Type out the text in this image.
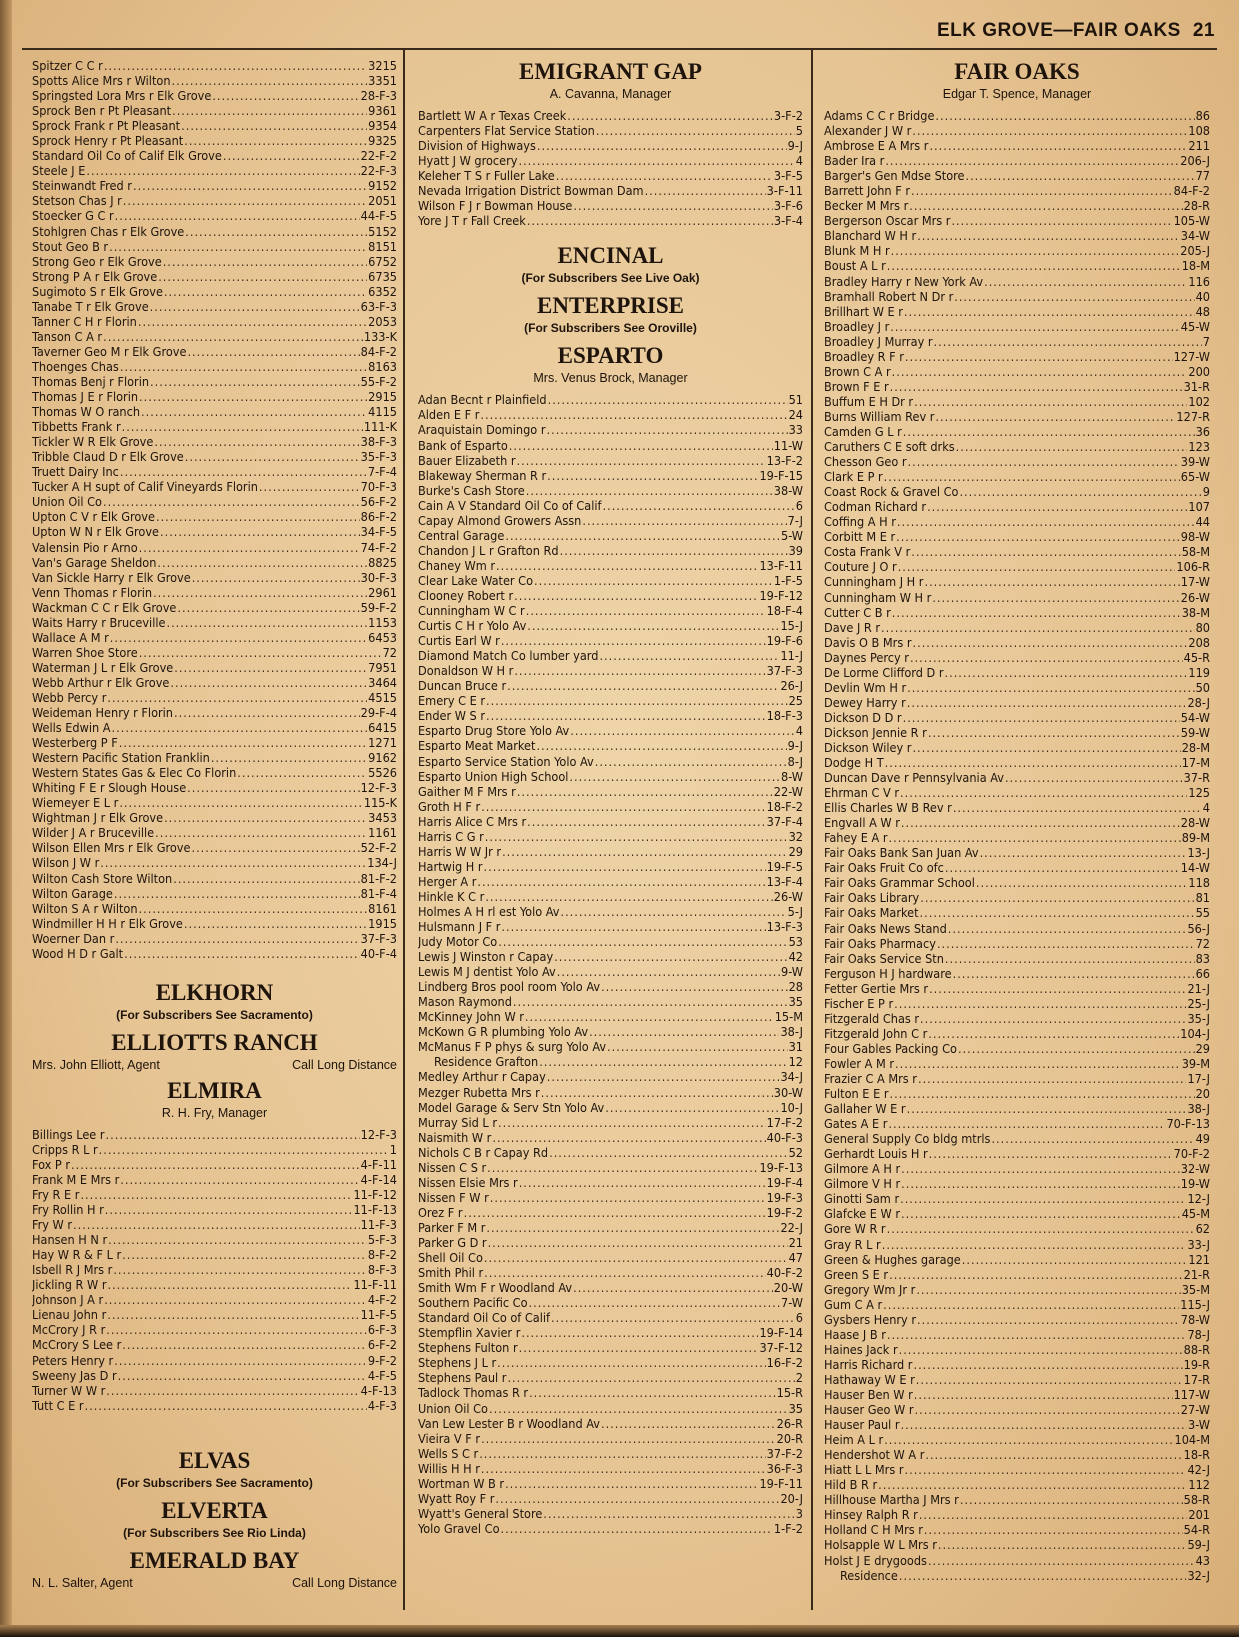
ELK GROVE—FAIR OAKS 21
Spitzer C C r .....	3215
Spotts Alice Mrs r Wilton .....	3351
Springsted Lora Mrs r Elk Grove .....	28-F-3
Sprock Ben r Pt Pleasant .....	9361
Sprock Frank r Pt Pleasant .....	9354
Sprock Henry r Pt Pleasant .....	9325
Standard Oil Co of Calif Elk Grove .....	22-F-2
Steele J E .....	22-F-3
Steinwandt Fred r .....	9152
Stetson Chas J r .....	2051
Stoecker G C r .....	44-F-5
Stohlgren Chas r Elk Grove .....	5152
Stout Geo B r .....	8151
Strong Geo r Elk Grove .....	6752
Strong P A r Elk Grove .....	6735
Sugimoto S r Elk Grove .....	6352
Tanabe T r Elk Grove .....	63-F-3
Tanner C H r Florin .....	2053
Tanson C A r .....	133-K
Taverner Geo M r Elk Grove .....	84-F-2
Thoenges Chas .....	8163
Thomas Benj r Florin .....	55-F-2
Thomas J E r Florin .....	2915
Thomas W O ranch .....	4115
Tibbetts Frank r .....	111-K
Tickler W R Elk Grove .....	38-F-3
Tribble Claud D r Elk Grove .....	35-F-3
Truett Dairy Inc .....	7-F-4
Tucker A H supt of Calif Vineyards Florin .....	70-F-3
Union Oil Co .....	56-F-2
Upton C V r Elk Grove .....	86-F-2
Upton W N r Elk Grove .....	34-F-5
Valensin Pio r Arno .....	74-F-2
Van's Garage Sheldon .....	8825
Van Sickle Harry r Elk Grove .....	30-F-3
Venn Thomas r Florin .....	2961
Wackman C C r Elk Grove .....	59-F-2
Waits Harry r Bruceville .....	1153
Wallace A M r .....	6453
Warren Shoe Store .....	72
Waterman J L r Elk Grove .....	7951
Webb Arthur r Elk Grove .....	3464
Webb Percy r .....	4515
Weideman Henry r Florin .....	29-F-4
Wells Edwin A .....	6415
Westerberg P F .....	1271
Western Pacific Station Franklin .....	9162
Western States Gas & Elec Co Florin .....	5526
Whiting F E r Slough House .....	12-F-3
Wiemeyer E L r .....	115-K
Wightman J r Elk Grove .....	3453
Wilder J A r Bruceville .....	1161
Wilson Ellen Mrs r Elk Grove .....	52-F-2
Wilson J W r .....	134-J
Wilton Cash Store Wilton .....	81-F-2
Wilton Garage .....	81-F-4
Wilton S A r Wilton .....	8161
Windmiller H H r Elk Grove .....	1915
Woerner Dan r .....	37-F-3
Wood H D r Galt .....	40-F-4
ELKHORN
(For Subscribers See Sacramento)
ELLIOTTS RANCH
Mrs. John Elliott, Agent	Call Long Distance
ELMIRA
R. H. Fry, Manager
Billings Lee r .....	12-F-3
Cripps R L r .....	1
Fox P r .....	4-F-11
Frank M E Mrs r .....	4-F-14
Fry R E r .....	11-F-12
Fry Rollin H r .....	11-F-13
Fry W r .....	11-F-3
Hansen H N r .....	5-F-3
Hay W R & F L r .....	8-F-2
Isbell R J Mrs r .....	8-F-3
Jickling R W r .....	11-F-11
Johnson J A r .....	4-F-2
Lienau John r .....	11-F-5
McCrory J R r .....	6-F-3
McCrory S Lee r .....	6-F-2
Peters Henry r .....	9-F-2
Sweeny Jas D r .....	4-F-5
Turner W W r .....	4-F-13
Tutt C E r .....	4-F-3
ELVAS
(For Subscribers See Sacramento)
ELVERTA
(For Subscribers See Rio Linda)
EMERALD BAY
N. L. Salter, Agent	Call Long Distance
EMIGRANT GAP
A. Cavanna, Manager
Bartlett W A r Texas Creek .....	3-F-2
Carpenters Flat Service Station .....	5
Division of Highways .....	9-J
Hyatt J W grocery .....	4
Keleher T S r Fuller Lake .....	3-F-5
Nevada Irrigation District Bowman Dam .....	3-F-11
Wilson F J r Bowman House .....	3-F-6
Yore J T r Fall Creek .....	3-F-4
ENCINAL
(For Subscribers See Live Oak)
ENTERPRISE
(For Subscribers See Oroville)
ESPARTO
Mrs. Venus Brock, Manager
Adan Becnt r Plainfield .....	51
Alden E F r .....	24
Araquistain Domingo r .....	33
Bank of Esparto .....	11-W
Bauer Elizabeth r .....	13-F-2
Blakeway Sherman R r .....	19-F-15
Burke's Cash Store .....	38-W
Cain A V Standard Oil Co of Calif .....	6
Capay Almond Growers Assn .....	7-J
Central Garage .....	5-W
Chandon J L r Grafton Rd .....	39
Chaney Wm r .....	13-F-11
Clear Lake Water Co .....	1-F-5
Clooney Robert r .....	19-F-12
Cunningham W C r .....	18-F-4
Curtis C H r Yolo Av .....	15-J
Curtis Earl W r .....	19-F-6
Diamond Match Co lumber yard .....	11-J
Donaldson W H r .....	37-F-3
Duncan Bruce r .....	26-J
Emery C E r .....	25
Ender W S r .....	18-F-3
Esparto Drug Store Yolo Av .....	4
Esparto Meat Market .....	9-J
Esparto Service Station Yolo Av .....	8-J
Esparto Union High School .....	8-W
Gaither M F Mrs r .....	22-W
Groth H F r .....	18-F-2
Harris Alice C Mrs r .....	37-F-4
Harris C G r .....	32
Harris W W Jr r .....	29
Hartwig H r .....	19-F-5
Herger A r .....	13-F-4
Hinkle K C r .....	26-W
Holmes A H rl est Yolo Av .....	5-J
Hulsmann J F r .....	13-F-3
Judy Motor Co .....	53
Lewis J Winston r Capay .....	42
Lewis M J dentist Yolo Av .....	9-W
Lindberg Bros pool room Yolo Av .....	28
Mason Raymond .....	35
McKinney John W r .....	15-M
McKown G R plumbing Yolo Av .....	38-J
McManus F P phys & surg Yolo Av .....	31
Residence Grafton .....	12
Medley Arthur r Capay .....	34-J
Mezger Rubetta Mrs r .....	30-W
Model Garage & Serv Stn Yolo Av .....	10-J
Murray Sid L r .....	17-F-2
Naismith W r .....	40-F-3
Nichols C B r Capay Rd .....	52
Nissen C S r .....	19-F-13
Nissen Elsie Mrs r .....	19-F-4
Nissen F W r .....	19-F-3
Orez F r .....	19-F-2
Parker F M r .....	22-J
Parker G D r .....	21
Shell Oil Co .....	47
Smith Phil r .....	40-F-2
Smith Wm F r Woodland Av .....	20-W
Southern Pacific Co .....	7-W
Standard Oil Co of Calif .....	6
Stempflin Xavier r .....	19-F-14
Stephens Fulton r .....	37-F-12
Stephens J L r .....	16-F-2
Stephens Paul r .....	2
Tadlock Thomas R r .....	15-R
Union Oil Co .....	35
Van Lew Lester B r Woodland Av .....	26-R
Vieira V F r .....	20-R
Wells S C r .....	37-F-2
Willis H H r .....	36-F-3
Wortman W B r .....	19-F-11
Wyatt Roy F r .....	20-J
Wyatt's General Store .....	3
Yolo Gravel Co .....	1-F-2
FAIR OAKS
Edgar T. Spence, Manager
Adams C C r Bridge .....	86
Alexander J W r .....	108
Ambrose E A Mrs r .....	211
Bader Ira r .....	206-J
Barger's Gen Mdse Store .....	77
Barrett John F r .....	84-F-2
Becker M Mrs r .....	28-R
Bergerson Oscar Mrs r .....	105-W
Blanchard W H r .....	34-W
Blunk M H r .....	205-J
Boust A L r .....	18-M
Bradley Harry r New York Av .....	116
Bramhall Robert N Dr r .....	40
Brillhart W E r .....	48
Broadley J r .....	45-W
Broadley J Murray r .....	7
Broadley R F r .....	127-W
Brown C A r .....	200
Brown F E r .....	31-R
Buffum E H Dr r .....	102
Burns William Rev r .....	127-R
Camden G L r .....	36
Caruthers C E soft drks .....	123
Chesson Geo r .....	39-W
Clark E P r .....	65-W
Coast Rock & Gravel Co .....	9
Codman Richard r .....	107
Coffing A H r .....	44
Corbitt M E r .....	98-W
Costa Frank V r .....	58-M
Couture J O r .....	106-R
Cunningham J H r .....	17-W
Cunningham W H r .....	26-W
Cutter C B r .....	38-M
Dave J R r .....	80
Davis O B Mrs r .....	208
Daynes Percy r .....	45-R
De Lorme Clifford D r .....	119
Devlin Wm H r .....	50
Dewey Harry r .....	28-J
Dickson D D r .....	54-W
Dickson Jennie R r .....	59-W
Dickson Wiley r .....	28-M
Dodge H T .....	17-M
Duncan Dave r Pennsylvania Av .....	37-R
Ehrman C V r .....	125
Ellis Charles W B Rev r .....	4
Engvall A W r .....	28-W
Fahey E A r .....	89-M
Fair Oaks Bank San Juan Av .....	13-J
Fair Oaks Fruit Co ofc .....	14-W
Fair Oaks Grammar School .....	118
Fair Oaks Library .....	81
Fair Oaks Market .....	55
Fair Oaks News Stand .....	56-J
Fair Oaks Pharmacy .....	72
Fair Oaks Service Stn .....	83
Ferguson H J hardware .....	66
Fetter Gertie Mrs r .....	21-J
Fischer E P r .....	25-J
Fitzgerald Chas r .....	35-J
Fitzgerald John C r .....	104-J
Four Gables Packing Co .....	29
Fowler A M r .....	39-M
Frazier C A Mrs r .....	17-J
Fulton E E r .....	20
Gallaher W E r .....	38-J
Gates A E r .....	70-F-13
General Supply Co bldg mtrls .....	49
Gerhardt Louis H r .....	70-F-2
Gilmore A H r .....	32-W
Gilmore V H r .....	19-W
Ginotti Sam r .....	12-J
Glafcke E W r .....	45-M
Gore W R r .....	62
Gray R L r .....	33-J
Green & Hughes garage .....	121
Green S E r .....	21-R
Gregory Wm Jr r .....	35-M
Gum C A r .....	115-J
Gysbers Henry r .....	78-W
Haase J B r .....	78-J
Haines Jack r .....	88-R
Harris Richard r .....	19-R
Hathaway W E r .....	17-R
Hauser Ben W r .....	117-W
Hauser Geo W r .....	27-W
Hauser Paul r .....	3-W
Heim A L r .....	104-M
Hendershot W A r .....	18-R
Hiatt L L Mrs r .....	42-J
Hild B R r .....	112
Hillhouse Martha J Mrs r .....	58-R
Hinsey Ralph R r .....	201
Holland C H Mrs r .....	54-R
Holsapple W L Mrs r .....	59-J
Holst J E drygoods .....	43
Residence .....	32-J
